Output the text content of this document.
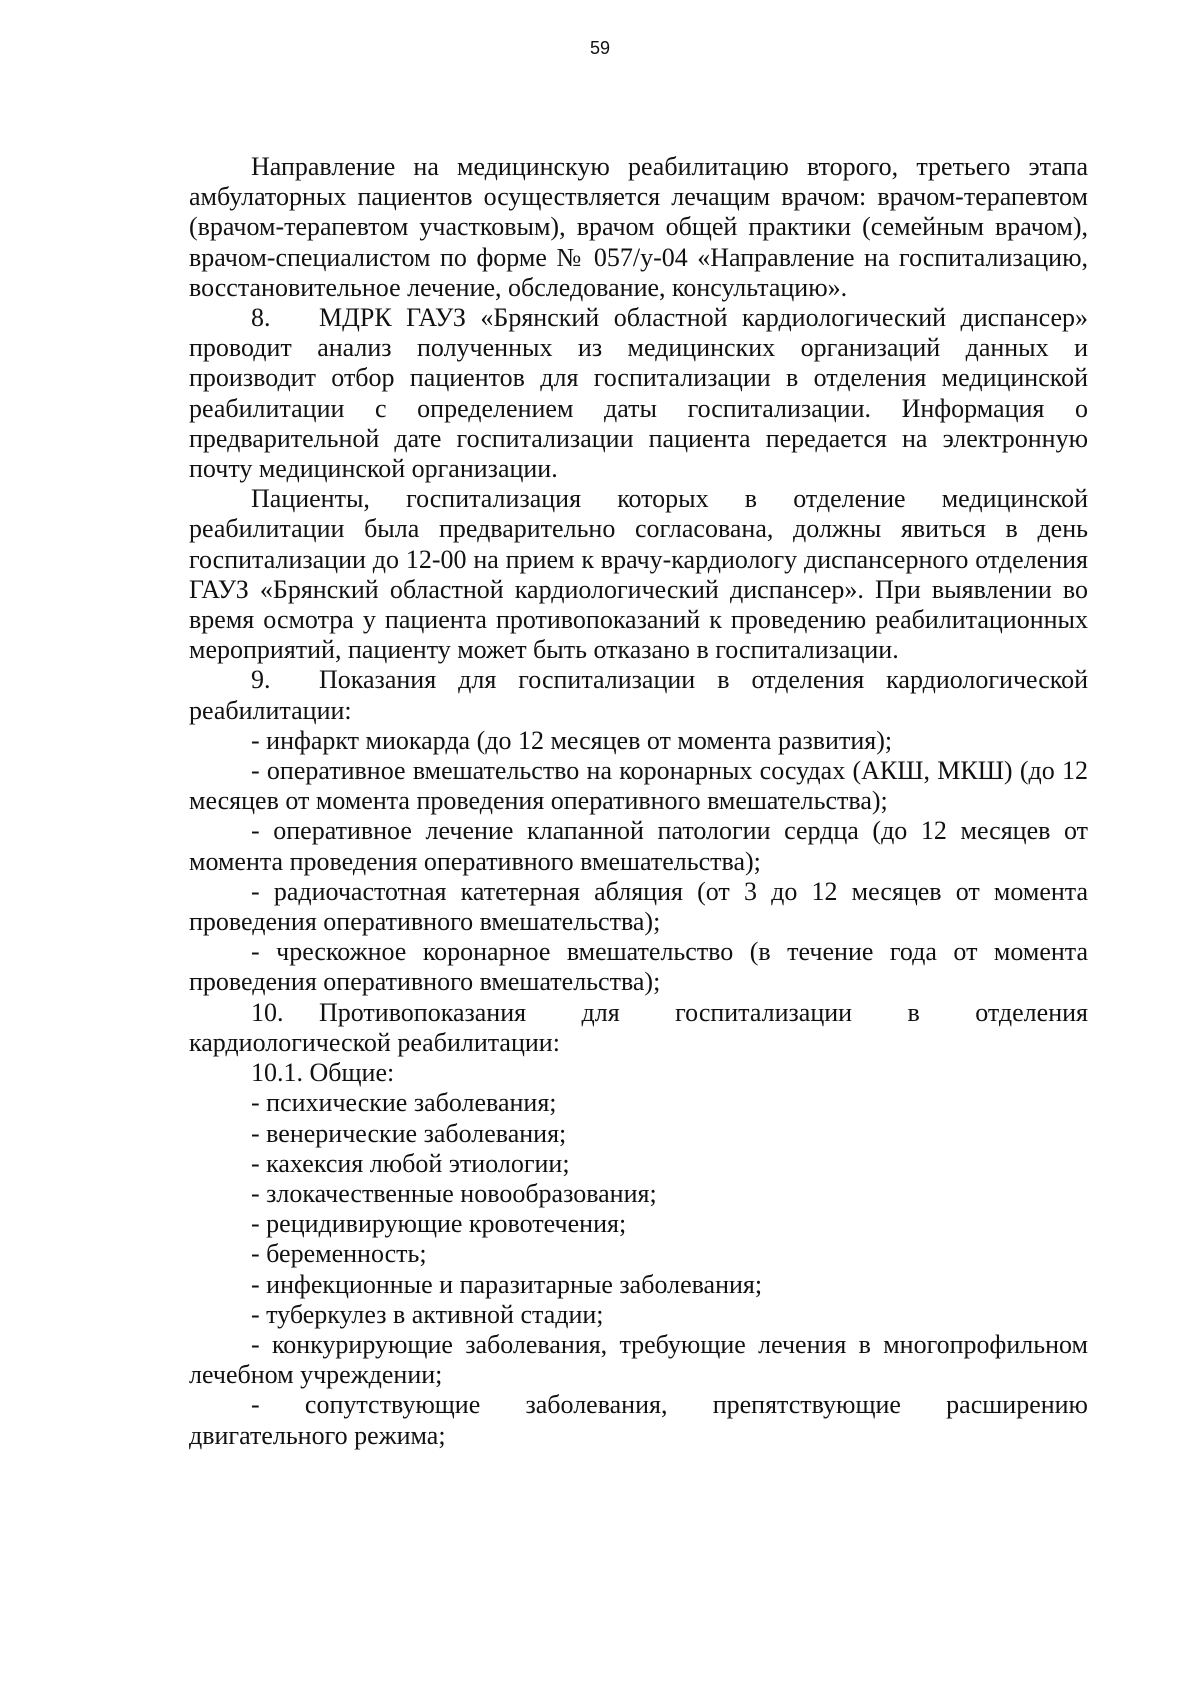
59

Направление на медицинскую реабилитацию второго, третьего этапа амбулаторных пациентов осуществляется лечащим врачом: врачом-терапевтом (врачом-терапевтом участковым), врачом общей практики (семейным врачом), врачом-специалистом по форме № 057/у-04 «Направление на госпитализацию, восстановительное лечение, обследование, консультацию».

8. МДРК ГАУЗ «Брянский областной кардиологический диспансер» проводит анализ полученных из медицинских организаций данных и производит отбор пациентов для госпитализации в отделения медицинской реабилитации с определением даты госпитализации. Информация о предварительной дате госпитализации пациента передается на электронную почту медицинской организации.

Пациенты, госпитализация которых в отделение медицинской реабилитации была предварительно согласована, должны явиться в день госпитализации до 12-00 на прием к врачу-кардиологу диспансерного отделения ГАУЗ «Брянский областной кардиологический диспансер». При выявлении во время осмотра у пациента противопоказаний к проведению реабилитационных мероприятий, пациенту может быть отказано в госпитализации.

9. Показания для госпитализации в отделения кардиологической реабилитации:

- инфаркт миокарда (до 12 месяцев от момента развития);

- оперативное вмешательство на коронарных сосудах (АКШ, МКШ) (до 12 месяцев от момента проведения оперативного вмешательства);

- оперативное лечение клапанной патологии сердца (до 12 месяцев от момента проведения оперативного вмешательства);

- радиочастотная катетерная абляция (от 3 до 12 месяцев от момента проведения оперативного вмешательства);

- чрескожное коронарное вмешательство (в течение года от момента проведения оперативного вмешательства);

10. Противопоказания для госпитализации в отделения кардиологической реабилитации:

10.1. Общие:

- психические заболевания;

- венерические заболевания;

- кахексия любой этиологии;

- злокачественные новообразования;

- рецидивирующие кровотечения;

- беременность;

- инфекционные и паразитарные заболевания;

- туберкулез в активной стадии;

- конкурирующие заболевания, требующие лечения в многопрофильном лечебном учреждении;

- сопутствующие заболевания, препятствующие расширению двигательного режима;
